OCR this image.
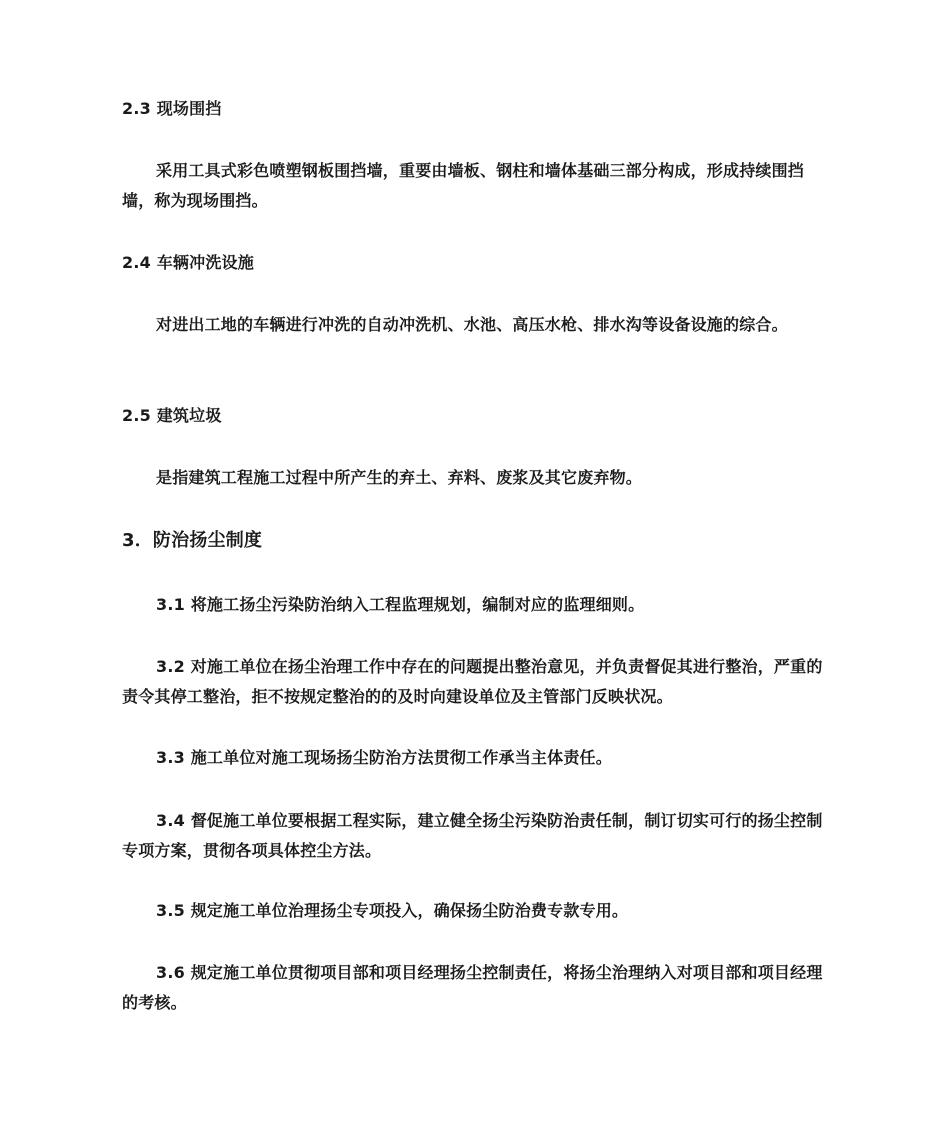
2.3 现场围挡

采用工具式彩色喷塑钢板围挡墙，重要由墙板、钢柱和墙体基础三部分构成，形成持续围挡墙，称为现场围挡。

2.4 车辆冲洗设施

对进出工地的车辆进行冲洗的自动冲洗机、水池、高压水枪、排水沟等设备设施的综合。

2.5 建筑垃圾

是指建筑工程施工过程中所产生的弃土、弃料、废浆及其它废弃物。

3．防治扬尘制度

3.1 将施工扬尘污染防治纳入工程监理规划，编制对应的监理细则。

3.2 对施工单位在扬尘治理工作中存在的问题提出整治意见，并负责督促其进行整治，严重的责令其停工整治，拒不按规定整治的的及时向建设单位及主管部门反映状况。

3.3 施工单位对施工现场扬尘防治方法贯彻工作承当主体责任。

3.4 督促施工单位要根据工程实际，建立健全扬尘污染防治责任制，制订切实可行的扬尘控制专项方案，贯彻各项具体控尘方法。

3.5 规定施工单位治理扬尘专项投入，确保扬尘防治费专款专用。

3.6 规定施工单位贯彻项目部和项目经理扬尘控制责任，将扬尘治理纳入对项目部和项目经理的考核。
